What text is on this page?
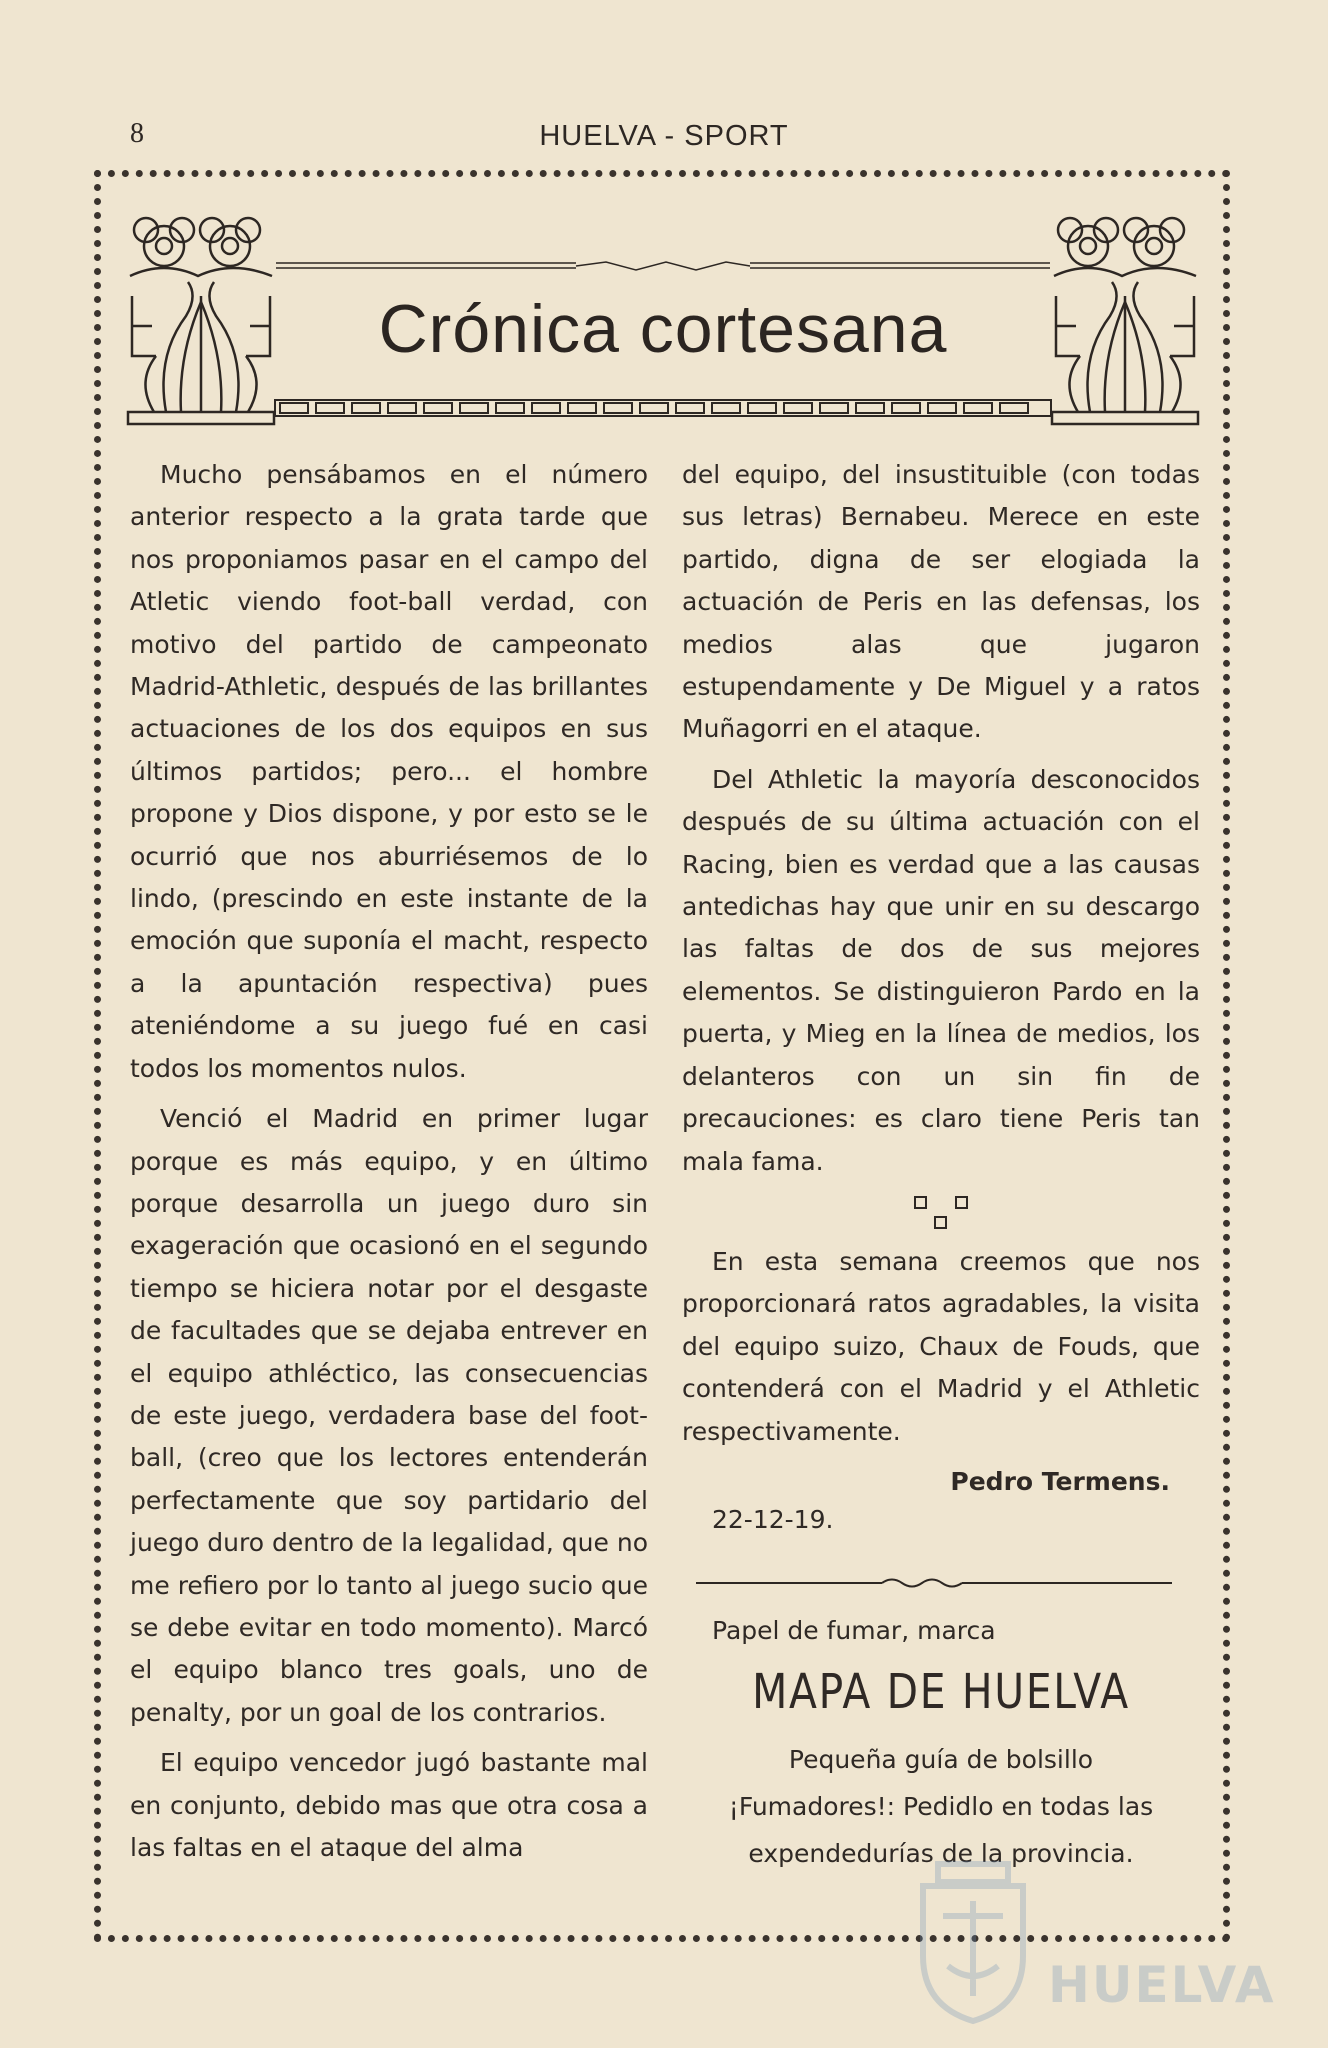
8	HUELVA - SPORT
Crónica cortesana

Mucho pensábamos en el número anterior respecto a la grata tarde que nos proponiamos pasar en el campo del Atletic viendo foot-ball verdad, con motivo del partido de campeonato Madrid-Athletic, después de las brillantes actuaciones de los dos equipos en sus últimos partidos; pero... el hombre propone y Dios dispone, y por esto se le ocurrió que nos aburriésemos de lo lindo, (prescindo en este instante de la emoción que suponía el macht, respecto a la apuntación respectiva) pues ateniéndome a su juego fué en casi todos los momentos nulos.

Venció el Madrid en primer lugar porque es más equipo, y en último porque desarrolla un juego duro sin exageración que ocasionó en el segundo tiempo se hiciera notar por el desgaste de facultades que se dejaba entrever en el equipo athléctico, las consecuencias de este juego, verdadera base del foot-ball, (creo que los lectores entenderán perfectamente que soy partidario del juego duro dentro de la legalidad, que no me refiero por lo tanto al juego sucio que se debe evitar en todo momento). Marcó el equipo blanco tres goals, uno de penalty, por un goal de los contrarios.

El equipo vencedor jugó bastante mal en conjunto, debido mas que otra cosa a las faltas en el ataque del alma

del equipo, del insustituible (con todas sus letras) Bernabeu. Merece en este partido, digna de ser elogiada la actuación de Peris en las defensas, los medios alas que jugaron estupendamente y De Miguel y a ratos Muñagorri en el ataque.

Del Athletic la mayoría desconocidos después de su última actuación con el Racing, bien es verdad que a las causas antedichas hay que unir en su descargo las faltas de dos de sus mejores elementos. Se distinguieron Pardo en la puerta, y Mieg en la línea de medios, los delanteros con un sin fin de precauciones: es claro tiene Peris tan mala fama.

En esta semana creemos que nos proporcionará ratos agradables, la visita del equipo suizo, Chaux de Fouds, que contenderá con el Madrid y el Athletic respectivamente.

Pedro Termens.
22-12-19.
Papel de fumar, marca
MAPA DE HUELVA
Pequeña guía de bolsillo
¡Fumadores!: Pedidlo en todas las expendedurías de la provincia.
HUELVA
